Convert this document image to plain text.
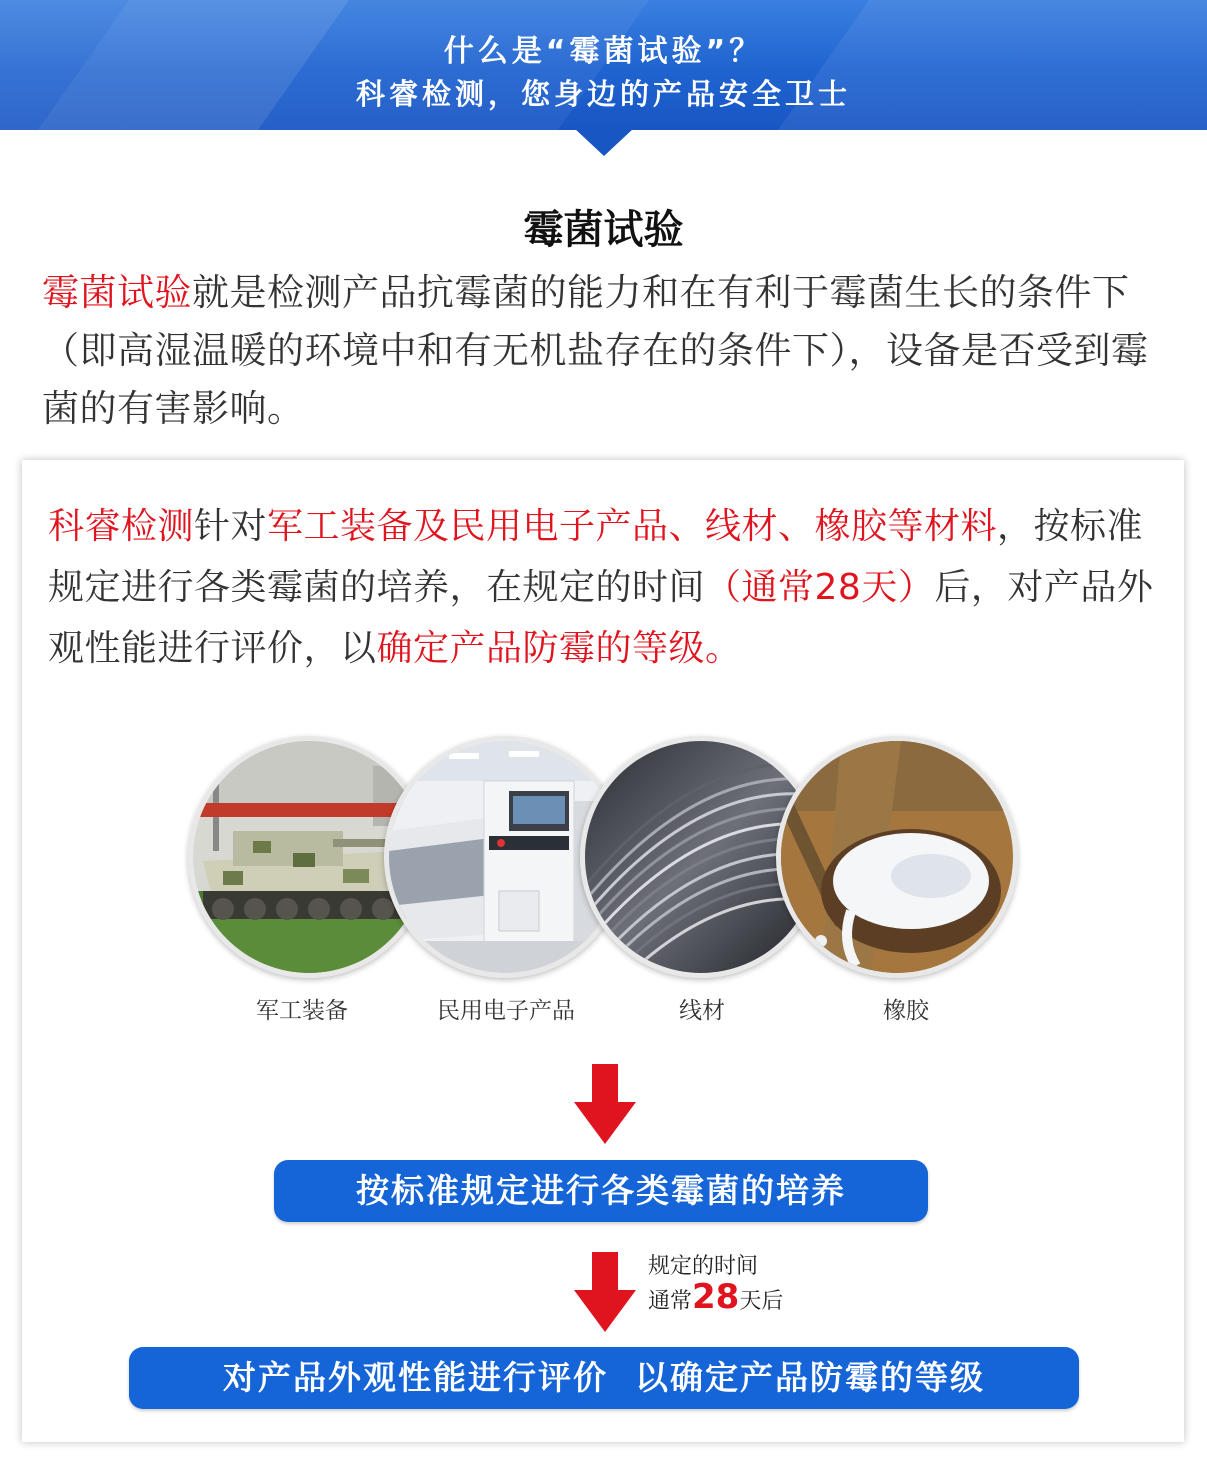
什么是“霉菌试验”？
科睿检测，您身边的产品安全卫士
霉菌试验
霉菌试验就是检测产品抗霉菌的能力和在有利于霉菌生长的条件下（即高湿温暖的环境中和有无机盐存在的条件下），设备是否受到霉菌的有害影响。
科睿检测针对军工装备及民用电子产品、线材、橡胶等材料，按标准规定进行各类霉菌的培养，在规定的时间（通常28天）后，对产品外观性能进行评价，以确定产品防霉的等级。
军工装备	民用电子产品	线材	橡胶
按标准规定进行各类霉菌的培养
规定的时间
通常28天后
对产品外观性能进行评价  以确定产品防霉的等级
